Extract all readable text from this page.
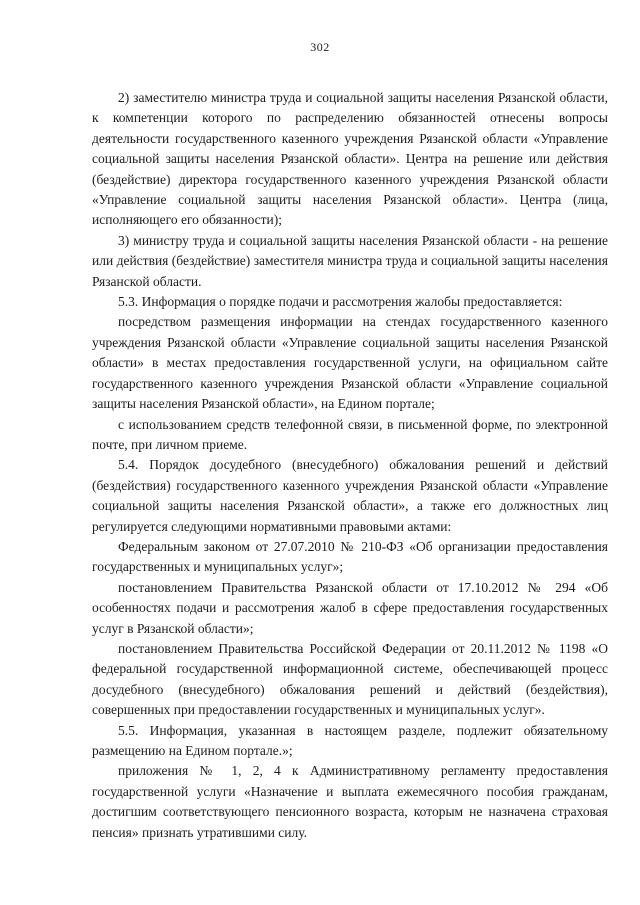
302

2) заместителю министра труда и социальной защиты населения Рязанской области, к компетенции которого по распределению обязанностей отнесены вопросы деятельности государственного казенного учреждения Рязанской области «Управление социальной защиты населения Рязанской области». Центра на решение или действия (бездействие) директора государственного казенного учреждения Рязанской области «Управление социальной защиты населения Рязанской области». Центра (лица, исполняющего его обязанности);

3) министру труда и социальной защиты населения Рязанской области - на решение или действия (бездействие) заместителя министра труда и социальной защиты населения Рязанской области.

5.3. Информация о порядке подачи и рассмотрения жалобы предоставляется:

посредством размещения информации на стендах государственного казенного учреждения Рязанской области «Управление социальной защиты населения Рязанской области» в местах предоставления государственной услуги, на официальном сайте государственного казенного учреждения Рязанской области «Управление социальной защиты населения Рязанской области», на Едином портале;

с использованием средств телефонной связи, в письменной форме, по электронной почте, при личном приеме.

5.4. Порядок досудебного (внесудебного) обжалования решений и действий (бездействия) государственного казенного учреждения Рязанской области «Управление социальной защиты населения Рязанской области», а также его должностных лиц регулируется следующими нормативными правовыми актами:

Федеральным законом от 27.07.2010 № 210-ФЗ «Об организации предоставления государственных и муниципальных услуг»;

постановлением Правительства Рязанской области от 17.10.2012 № 294 «Об особенностях подачи и рассмотрения жалоб в сфере предоставления государственных услуг в Рязанской области»;

постановлением Правительства Российской Федерации от 20.11.2012 № 1198 «О федеральной государственной информационной системе, обеспечивающей процесс досудебного (внесудебного) обжалования решений и действий (бездействия), совершенных при предоставлении государственных и муниципальных услуг».

5.5. Информация, указанная в настоящем разделе, подлежит обязательному размещению на Едином портале.»;

приложения № 1, 2, 4 к Административному регламенту предоставления государственной услуги «Назначение и выплата ежемесячного пособия гражданам, достигшим соответствующего пенсионного возраста, которым не назначена страховая пенсия» признать утратившими силу.
